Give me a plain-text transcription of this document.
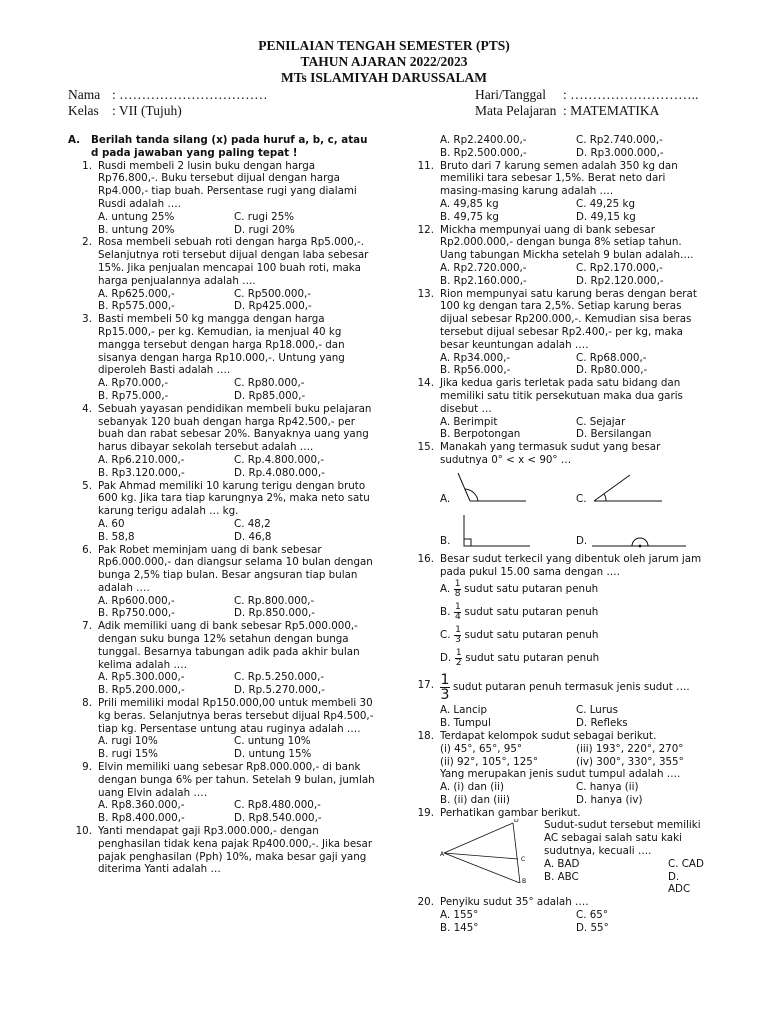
PENILAIAN TENGAH SEMESTER (PTS)
TAHUN AJARAN 2022/2023
MTs ISLAMIYAH DARUSSALAM
Nama : ……………………………
Kelas : VII (Tujuh)
Hari/Tanggal : ………………………..
Mata Pelajaran : MATEMATIKA
A.	Berilah tanda silang (x) pada huruf a, b, c, atau d pada jawaban yang paling tepat !
1. Rusdi membeli 2 lusin buku dengan harga Rp76.800,-. Buku tersebut dijual dengan harga Rp4.000,- tiap buah. Persentase rugi yang dialami Rusdi adalah ….
A. untung 25%	C. rugi 25%
B. untung 20%	D. rugi 20%
2. Rosa membeli sebuah roti dengan harga Rp5.000,-. Selanjutnya roti tersebut dijual dengan laba sebesar 15%. Jika penjualan mencapai 100 buah roti, maka harga penjualannya adalah ….
A. Rp625.000,-	C. Rp500.000,-
B. Rp575.000,-	D. Rp425.000,-
3. Basti membeli 50 kg mangga dengan harga Rp15.000,- per kg. Kemudian, ia menjual 40 kg mangga tersebut dengan harga Rp18.000,- dan sisanya dengan harga Rp10.000,-. Untung yang diperoleh Basti adalah ….
A. Rp70.000,-	C. Rp80.000,-
B. Rp75.000,-	D. Rp85.000,-
4. Sebuah yayasan pendidikan membeli buku pelajaran sebanyak 120 buah dengan harga Rp42.500,- per buah dan rabat sebesar 20%. Banyaknya uang yang harus dibayar sekolah tersebut adalah ….
A. Rp6.210.000,-	C. Rp.4.800.000,-
B. Rp3.120.000,-	D. Rp.4.080.000,-
5. Pak Ahmad memiliki 10 karung terigu dengan bruto 600 kg. Jika tara tiap karungnya 2%, maka neto satu karung terigu adalah … kg.
A. 60	C. 48,2
B. 58,8	D. 46,8
6. Pak Robet meminjam uang di bank sebesar Rp6.000.000,- dan diangsur selama 10 bulan dengan bunga 2,5% tiap bulan. Besar angsuran tiap bulan adalah ….
A. Rp600.000,-	C. Rp.800.000,-
B. Rp750.000,-	D. Rp.850.000,-
7. Adik memiliki uang di bank sebesar Rp5.000.000,- dengan suku bunga 12% setahun dengan bunga tunggal. Besarnya tabungan adik pada akhir bulan kelima adalah ….
A. Rp5.300.000,-	C. Rp.5.250.000,-
B. Rp5.200.000,-	D. Rp.5.270.000,-
8. Prili memiliki modal Rp150.000,00 untuk membeli 30 kg beras. Selanjutnya beras tersebut dijual Rp4.500,- tiap kg. Persentase untung atau ruginya adalah ….
A. rugi 10%	C. untung 10%
B. rugi 15%	D. untung 15%
9. Elvin memiliki uang sebesar Rp8.000.000,- di bank dengan bunga 6% per tahun. Setelah 9 bulan, jumlah uang Elvin adalah ….
A. Rp8.360.000,-	C. Rp8.480.000,-
B. Rp8.400.000,-	D. Rp8.540.000,-
10. Yanti mendapat gaji Rp3.000.000,- dengan penghasilan tidak kena pajak Rp400.000,-. Jika besar pajak penghasilan (Pph) 10%, maka besar gaji yang diterima Yanti adalah …
A. Rp2.2400.00,-	C. Rp2.740.000,-
B. Rp2.500.000,-	D. Rp3.000.000,-
11. Bruto dari 7 karung semen adalah 350 kg dan memiliki tara sebesar 1,5%. Berat neto dari masing-masing karung adalah ….
A. 49,85 kg	C. 49,25 kg
B. 49,75 kg	D. 49,15 kg
12. Mickha mempunyai uang di bank sebesar Rp2.000.000,- dengan bunga 8% setiap tahun. Uang tabungan Mickha setelah 9 bulan adalah….
A. Rp2.720.000,-	C. Rp2.170.000,-
B. Rp2.160.000,-	D. Rp2.120.000,-
13. Rion mempunyai satu karung beras dengan berat 100 kg dengan tara 2,5%. Setiap karung beras dijual sebesar Rp200.000,-. Kemudian sisa beras tersebut dijual sebesar Rp2.400,- per kg, maka besar keuntungan adalah ….
A. Rp34.000,-	C. Rp68.000,-
B. Rp56.000,-	D. Rp80.000,-
14. Jika kedua garis terletak pada satu bidang dan memiliki satu titik persekutuan maka dua garis disebut …
A. Berimpit	C. Sejajar
B. Berpotongan	D. Bersilangan
15. Manakah yang termasuk sudut yang besar sudutnya 0° < x < 90° …
A.	C.
B.	D.
16. Besar sudut terkecil yang dibentuk oleh jarum jam pada pukul 15.00 sama dengan ….
A. $\frac{1}{8}$ sudut satu putaran penuh
B. $\frac{1}{4}$ sudut satu putaran penuh
C. $\frac{1}{3}$ sudut satu putaran penuh
D. $\frac{1}{2}$ sudut satu putaran penuh
17. $\frac{1}{3}$ sudut putaran penuh termasuk jenis sudut ….
A. Lancip	C. Lurus
B. Tumpul	D. Refleks
18. Terdapat kelompok sudut sebagai berikut.
(i) 45°, 65°, 95°	(iii) 193°, 220°, 270°
(ii) 92°, 105°, 125°	(iv) 300°, 330°, 355°
Yang merupakan jenis sudut tumpul adalah ….
A. (i) dan (ii)	C. hanya (ii)
B. (ii) dan (iii)	D. hanya (iv)
19. Perhatikan gambar berikut.
A
D
C
B
Sudut-sudut tersebut memiliki AC sebagai salah satu kaki sudutnya, kecuali ….
A. BAD	C. CAD
B. ABC	D. ADC
20. Penyiku sudut 35° adalah ….
A. 155°	C. 65°
B. 145°	D. 55°
